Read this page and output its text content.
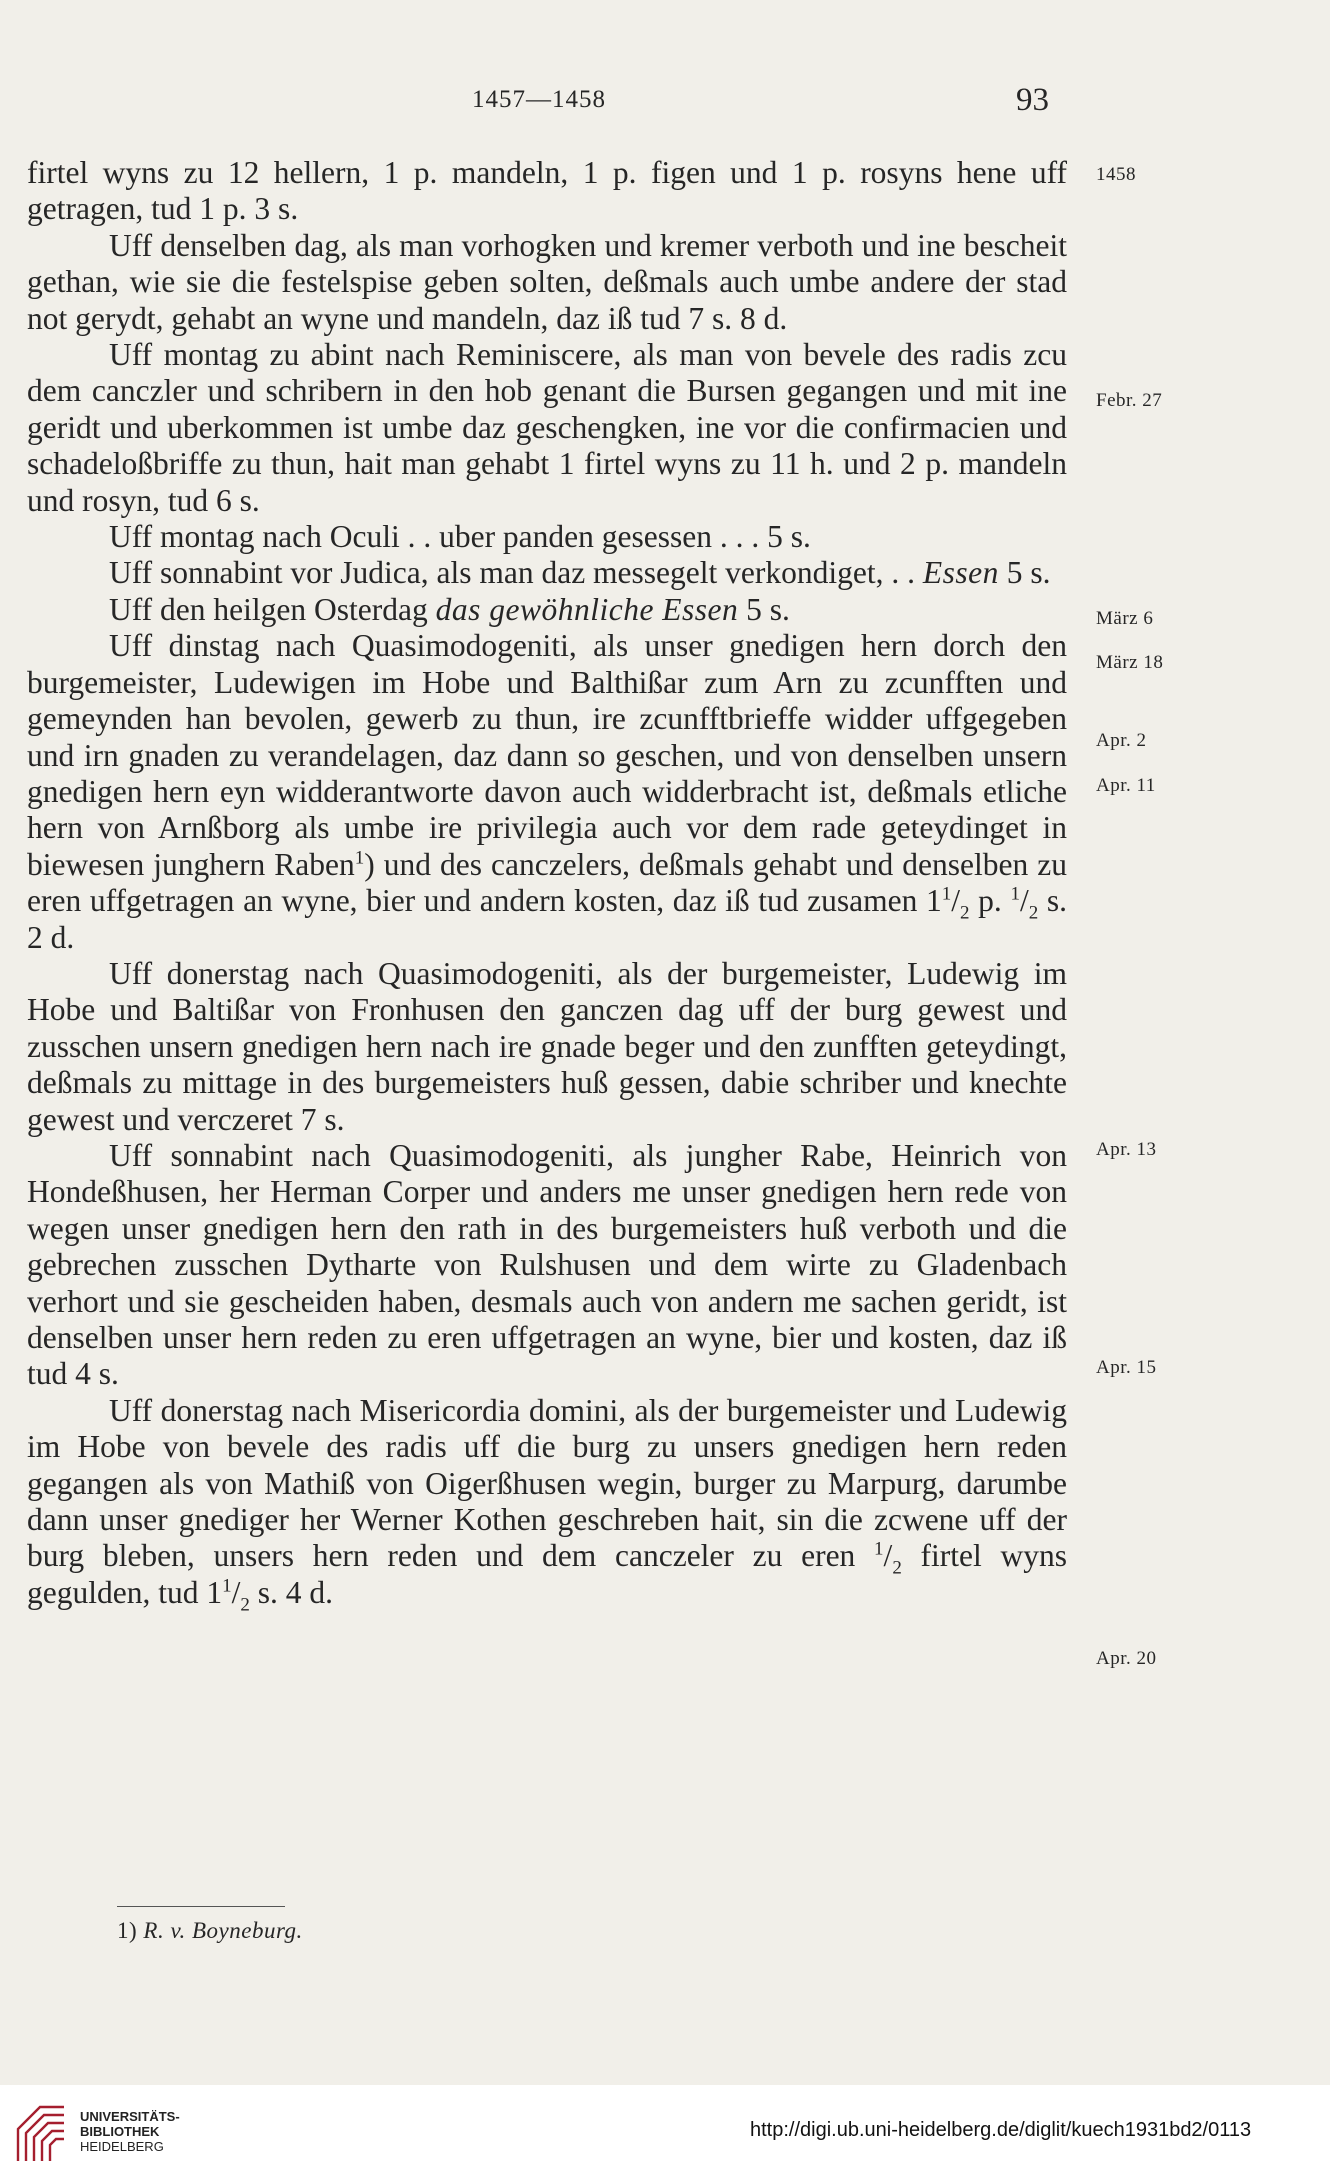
1457—1458	93

firtel wyns zu 12 hellern, 1 p. mandeln, 1 p. figen und 1 p. rosyns hene uff getragen, tud 1 p. 3 s.

Uff denselben dag, als man vorhogken und kremer verboth und ine bescheit gethan, wie sie die festelspise geben solten, deßmals auch umbe andere der stad not gerydt, gehabt an wyne und mandeln, daz iß tud 7 s. 8 d.

Uff montag zu abint nach Reminiscere, als man von bevele des radis zcu dem canczler und schribern in den hob genant die Bursen gegangen und mit ine geridt und uberkommen ist umbe daz geschengken, ine vor die confirmacien und schadeloßbriffe zu thun, hait man gehabt 1 firtel wyns zu 11 h. und 2 p. mandeln und rosyn, tud 6 s.

Uff montag nach Oculi . . uber panden gesessen . . . 5 s.

Uff sonnabint vor Judica, als man daz messegelt verkondiget, . . Essen 5 s.

Uff den heilgen Osterdag das gewöhnliche Essen 5 s.

Uff dinstag nach Quasimodogeniti, als unser gnedigen hern dorch den burgemeister, Ludewigen im Hobe und Balthißar zum Arn zu zcunfften und gemeynden han bevolen, gewerb zu thun, ire zcunfftbrieffe widder uffgegeben und irn gnaden zu verandelagen, daz dann so geschen, und von denselben unsern gnedigen hern eyn widderantworte davon auch widderbracht ist, deßmals etliche hern von Arnßborg als umbe ire privilegia auch vor dem rade geteydinget in biewesen junghern Raben$^1$) und des canczelers, deßmals gehabt und denselben zu eren uffgetragen an wyne, bier und andern kosten, daz iß tud zusamen $1^1/_2$ p. $^1/_2$ s. 2 d.

Uff donerstag nach Quasimodogeniti, als der burgemeister, Ludewig im Hobe und Baltißar von Fronhusen den ganczen dag uff der burg gewest und zusschen unsern gnedigen hern nach ire gnade beger und den zunfften geteydingt, deßmals zu mittage in des burgemeisters huß gessen, dabie schriber und knechte gewest und verczeret 7 s.

Uff sonnabint nach Quasimodogeniti, als jungher Rabe, Heinrich von Hondeßhusen, her Herman Corper und anders me unser gnedigen hern rede von wegen unser gnedigen hern den rath in des burgemeisters huß verboth und die gebrechen zusschen Dytharte von Rulshusen und dem wirte zu Gladenbach verhort und sie gescheiden haben, desmals auch von andern me sachen geridt, ist denselben unser hern reden zu eren uffgetragen an wyne, bier und kosten, daz iß tud 4 s.

Uff donerstag nach Misericordia domini, als der burgemeister und Ludewig im Hobe von bevele des radis uff die burg zu unsers gnedigen hern reden gegangen als von Mathiß von Oigerßhusen wegin, burger zu Marpurg, darumbe dann unser gnediger her Werner Kothen geschreben hait, sin die zcwene uff der burg bleben, unsers hern reden und dem canczeler zu eren $^1/_2$ firtel wyns gegulden, tud $1^1/_2$ s. 4 d.

1458
Febr. 27
März 6
März 18
Apr. 2
Apr. 11
Apr. 13
Apr. 15
Apr. 20
1) R. v. Boyneburg.
UNIVERSITÄTS-
BIBLIOTHEK
HEIDELBERG
http://digi.ub.uni-heidelberg.de/diglit/kuech1931bd2/0113
